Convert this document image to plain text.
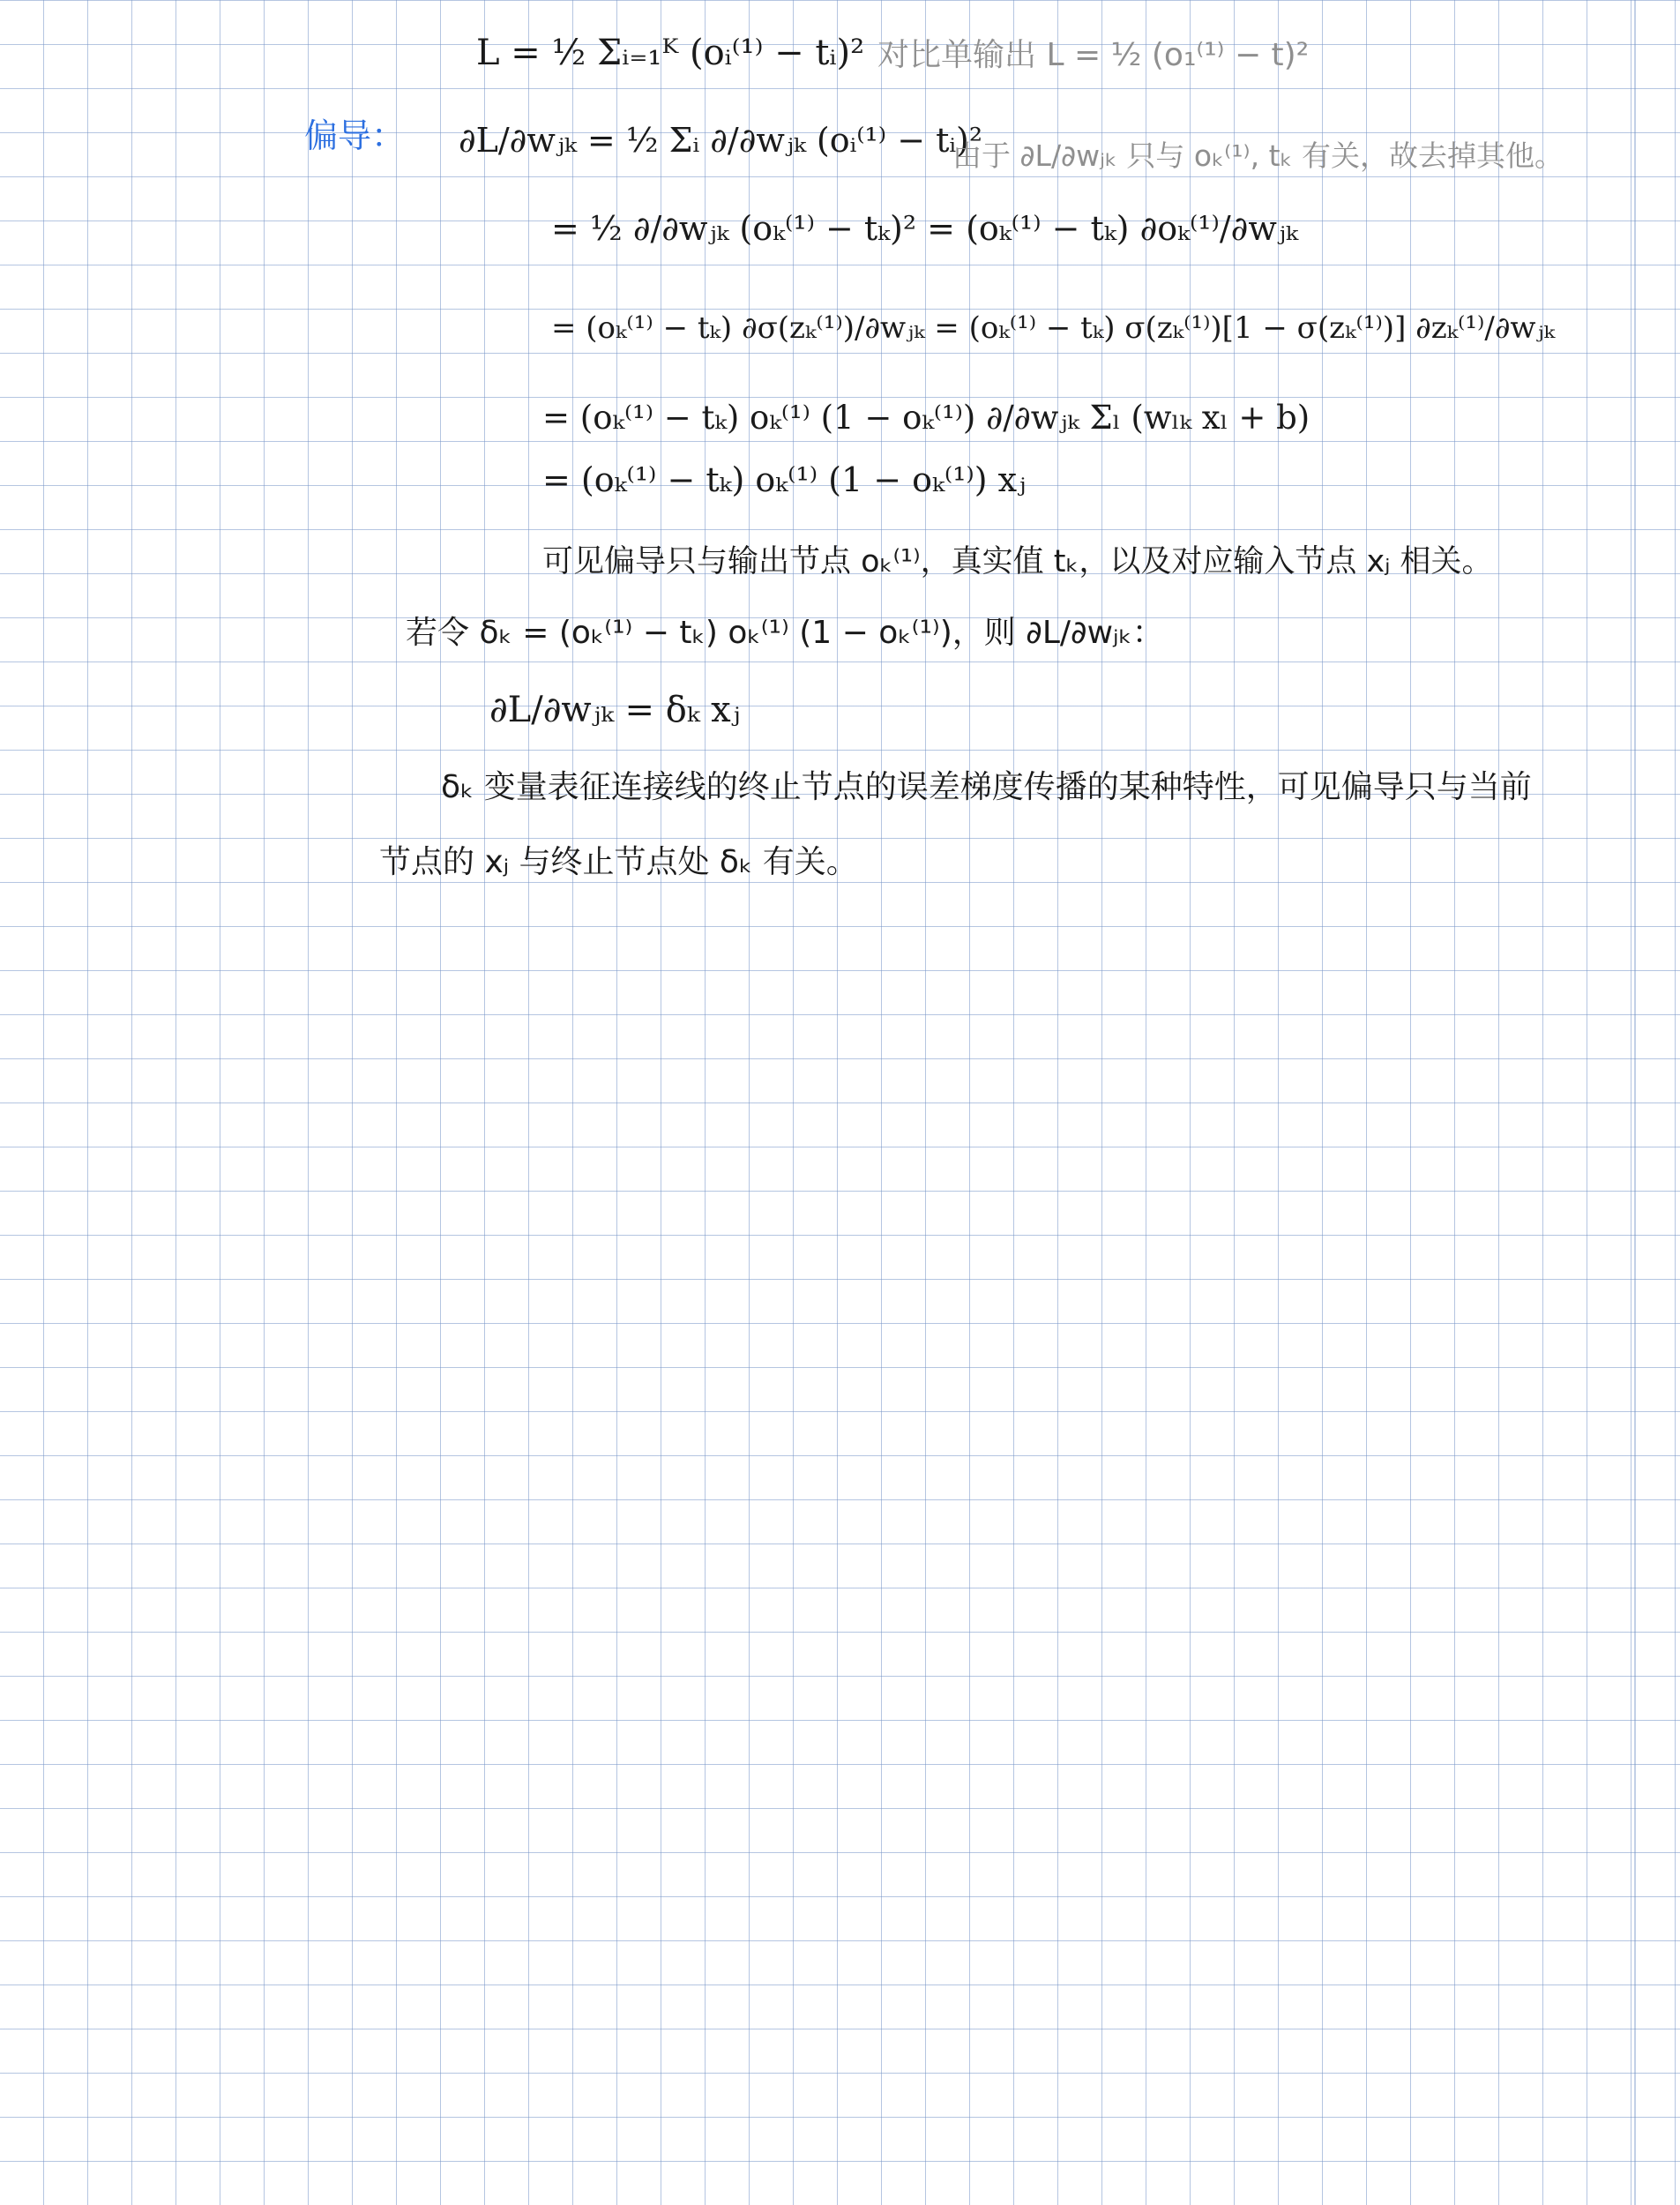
L = ½ Σᵢ₌₁ᴷ (oᵢ⁽¹⁾ − tᵢ)² 对比单输出 L = ½ (o₁⁽¹⁾ − t)²
偏导： ∂L/∂wⱼₖ = ½ Σᵢ ∂/∂wⱼₖ (oᵢ⁽¹⁾ − tᵢ)²
由于 ∂L/∂wⱼₖ 只与 oₖ⁽¹⁾, tₖ 有关，故去掉其他。
= ½ ∂/∂wⱼₖ (oₖ⁽¹⁾ − tₖ)² = (oₖ⁽¹⁾ − tₖ) ∂oₖ⁽¹⁾/∂wⱼₖ
= (oₖ⁽¹⁾ − tₖ) ∂σ(zₖ⁽¹⁾)/∂wⱼₖ = (oₖ⁽¹⁾ − tₖ) σ(zₖ⁽¹⁾)[1 − σ(zₖ⁽¹⁾)] ∂zₖ⁽¹⁾/∂wⱼₖ
= (oₖ⁽¹⁾ − tₖ) oₖ⁽¹⁾ (1 − oₖ⁽¹⁾) ∂/∂wⱼₖ Σₗ (wₗₖ xₗ + b)
= (oₖ⁽¹⁾ − tₖ) oₖ⁽¹⁾ (1 − oₖ⁽¹⁾) xⱼ
可见偏导只与输出节点 oₖ⁽¹⁾，真实值 tₖ，以及对应输入节点 xⱼ 相关。
若令 δₖ = (oₖ⁽¹⁾ − tₖ) oₖ⁽¹⁾ (1 − oₖ⁽¹⁾)，则 ∂L/∂wⱼₖ：
∂L/∂wⱼₖ = δₖ xⱼ
δₖ 变量表征连接线的终止节点的误差梯度传播的某种特性，可见偏导只与当前
节点的 xⱼ 与终止节点处 δₖ 有关。
